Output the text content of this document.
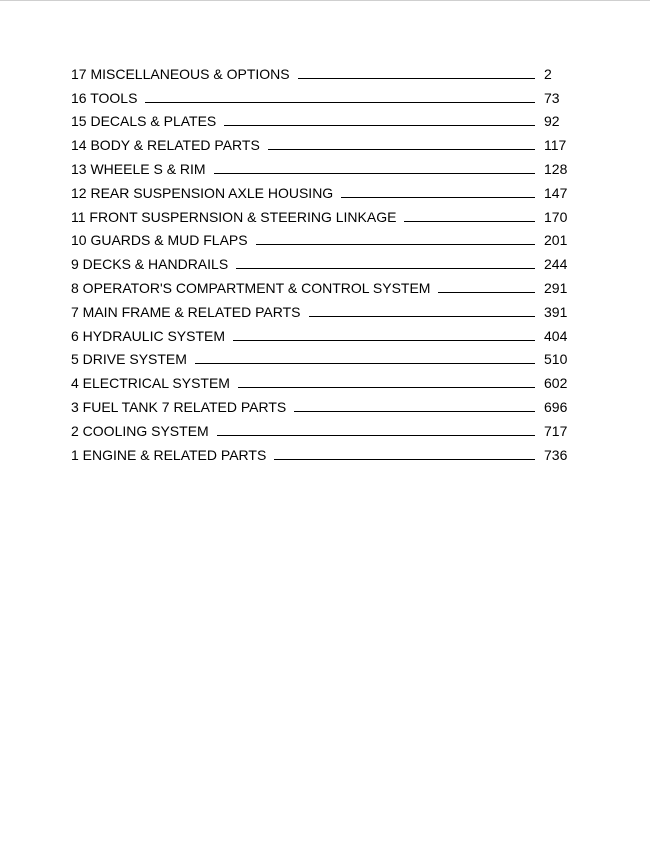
17 MISCELLANEOUS & OPTIONS	2
16 TOOLS	73
15 DECALS & PLATES	92
14 BODY & RELATED PARTS	117
13 WHEELE S & RIM	128
12 REAR SUSPENSION AXLE HOUSING	147
11 FRONT SUSPERNSION & STEERING LINKAGE	170
10 GUARDS & MUD FLAPS	201
9 DECKS & HANDRAILS	244
8 OPERATOR'S COMPARTMENT & CONTROL SYSTEM	291
7 MAIN FRAME & RELATED PARTS	391
6 HYDRAULIC SYSTEM	404
5 DRIVE SYSTEM	510
4 ELECTRICAL SYSTEM	602
3 FUEL TANK 7 RELATED PARTS	696
2 COOLING SYSTEM	717
1 ENGINE & RELATED PARTS	736
